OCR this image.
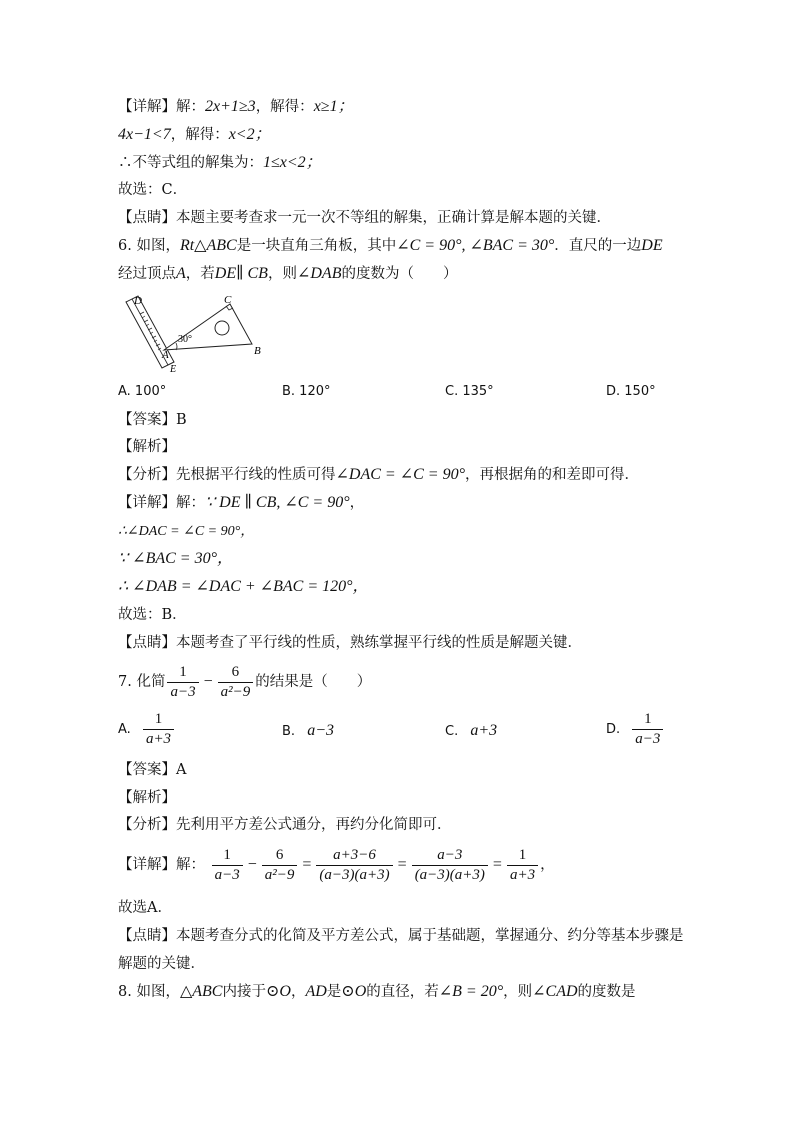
【详解】解：2x+1≥3，解得：x≥1；
4x−1<7，解得：x<2；
∴不等式组的解集为：1≤x<2；
故选：C．
【点睛】本题主要考查求一元一次不等组的解集，正确计算是解本题的关键．
6. 如图，Rt△ABC是一块直角三角板，其中∠C = 90°, ∠BAC = 30°．直尺的一边DE
经过顶点A，若DE∥ CB，则∠DAB的度数为（　　）
D	C
A	B
E
30°
A. 100°	B. 120°	C. 135°	D. 150°
【答案】B
【解析】
【分析】先根据平行线的性质可得∠DAC = ∠C = 90°，再根据角的和差即可得．
【详解】解：∵ DE ∥ CB, ∠C = 90°，
∴∠DAC = ∠C = 90°，
∵ ∠BAC = 30°，
∴ ∠DAB = ∠DAC + ∠BAC = 120°，
故选：B．
【点睛】本题考查了平行线的性质，熟练掌握平行线的性质是解题关键．
7. 化简 $\frac{1}{a-3} - \frac{6}{\text{a²−9}}$ 的结果是（　　）
A. $\frac{1}{a+3}$	B. a−3	C. a+3	D. $\frac{1}{a-3}$
【答案】A
【解析】
【分析】先利用平方差公式通分，再约分化简即可．
【详解】解： $\frac{1}{a-3} - \frac{6}{\text{a²−9}} = \frac{a+3-6}{(a-3)(a+3)} = \frac{a-3}{(a-3)(a+3)} = \frac{1}{a+3}$ ，
故选A．
【点睛】本题考查分式的化简及平方差公式，属于基础题，掌握通分、约分等基本步骤是
解题的关键．
8. 如图，△ABC内接于⊙O，AD是⊙O的直径，若∠B = 20°，则∠CAD的度数是
